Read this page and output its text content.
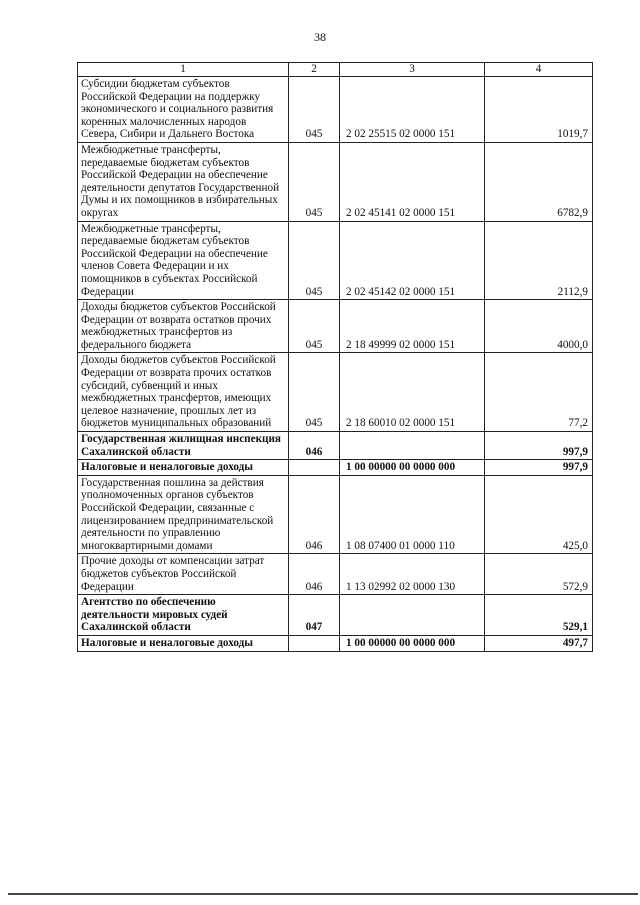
38
1	2	3	4
Субсидии бюджетам субъектов Российской Федерации на поддержку экономического и социального развития коренных малочисленных народов Севера, Сибири и Дальнего Востока	045	2 02 25515 02 0000 151	1019,7
Межбюджетные трансферты, передаваемые бюджетам субъектов Российской Федерации на обеспечение деятельности депутатов Государственной Думы и их помощников в избирательных округах	045	2 02 45141 02 0000 151	6782,9
Межбюджетные трансферты, передаваемые бюджетам субъектов Российской Федерации на обеспечение членов Совета Федерации и их помощников в субъектах Российской Федерации	045	2 02 45142 02 0000 151	2112,9
Доходы бюджетов субъектов Российской Федерации от возврата остатков прочих межбюджетных трансфертов из федерального бюджета	045	2 18 49999 02 0000 151	4000,0
Доходы бюджетов субъектов Российской Федерации от возврата прочих остатков субсидий, субвенций и иных межбюджетных трансфертов, имеющих целевое назначение, прошлых лет из бюджетов муниципальных образований	045	2 18 60010 02 0000 151	77,2
Государственная жилищная инспекция Сахалинской области	046		997,9
Налоговые и неналоговые доходы		1 00 00000 00 0000 000	997,9
Государственная пошлина за действия уполномоченных органов субъектов Российской Федерации, связанные с лицензированием предпринимательской деятельности по управлению многоквартирными домами	046	1 08 07400 01 0000 110	425,0
Прочие доходы от компенсации затрат бюджетов субъектов Российской Федерации	046	1 13 02992 02 0000 130	572,9
Агентство по обеспечению деятельности мировых судей Сахалинской области	047		529,1
Налоговые и неналоговые доходы		1 00 00000 00 0000 000	497,7
